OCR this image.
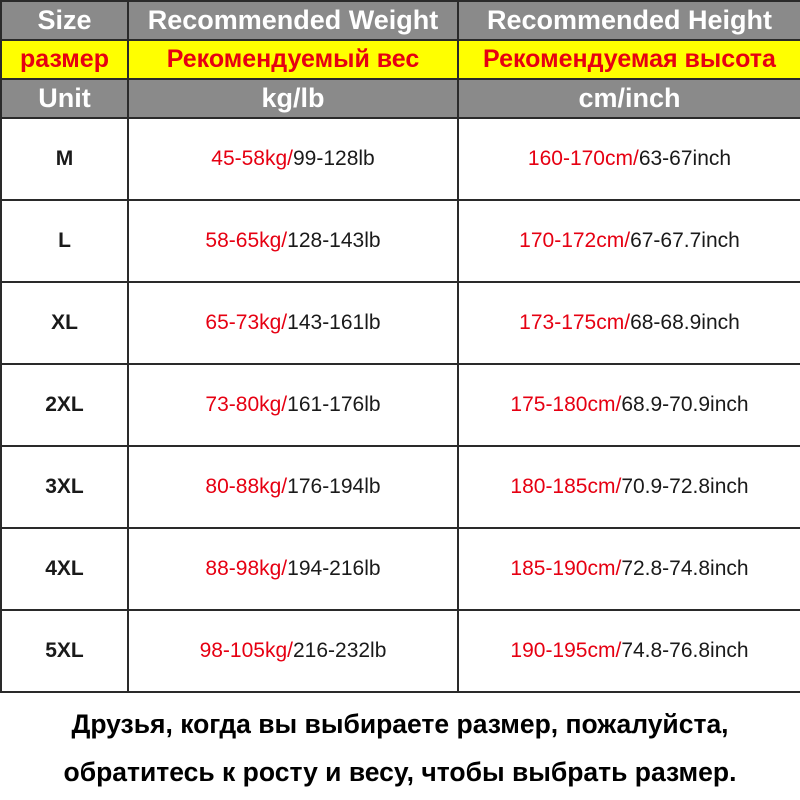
Size	Recommended Weight	Recommended Height
размер	Рекомендуемый вес	Рекомендуемая высота
Unit	kg/lb	cm/inch
M	45-58kg/99-128lb	160-170cm/63-67inch
L	58-65kg/128-143lb	170-172cm/67-67.7inch
XL	65-73kg/143-161lb	173-175cm/68-68.9inch
2XL	73-80kg/161-176lb	175-180cm/68.9-70.9inch
3XL	80-88kg/176-194lb	180-185cm/70.9-72.8inch
4XL	88-98kg/194-216lb	185-190cm/72.8-74.8inch
5XL	98-105kg/216-232lb	190-195cm/74.8-76.8inch
Друзья, когда вы выбираете размер, пожалуйста,
обратитесь к росту и весу, чтобы выбрать размер.
